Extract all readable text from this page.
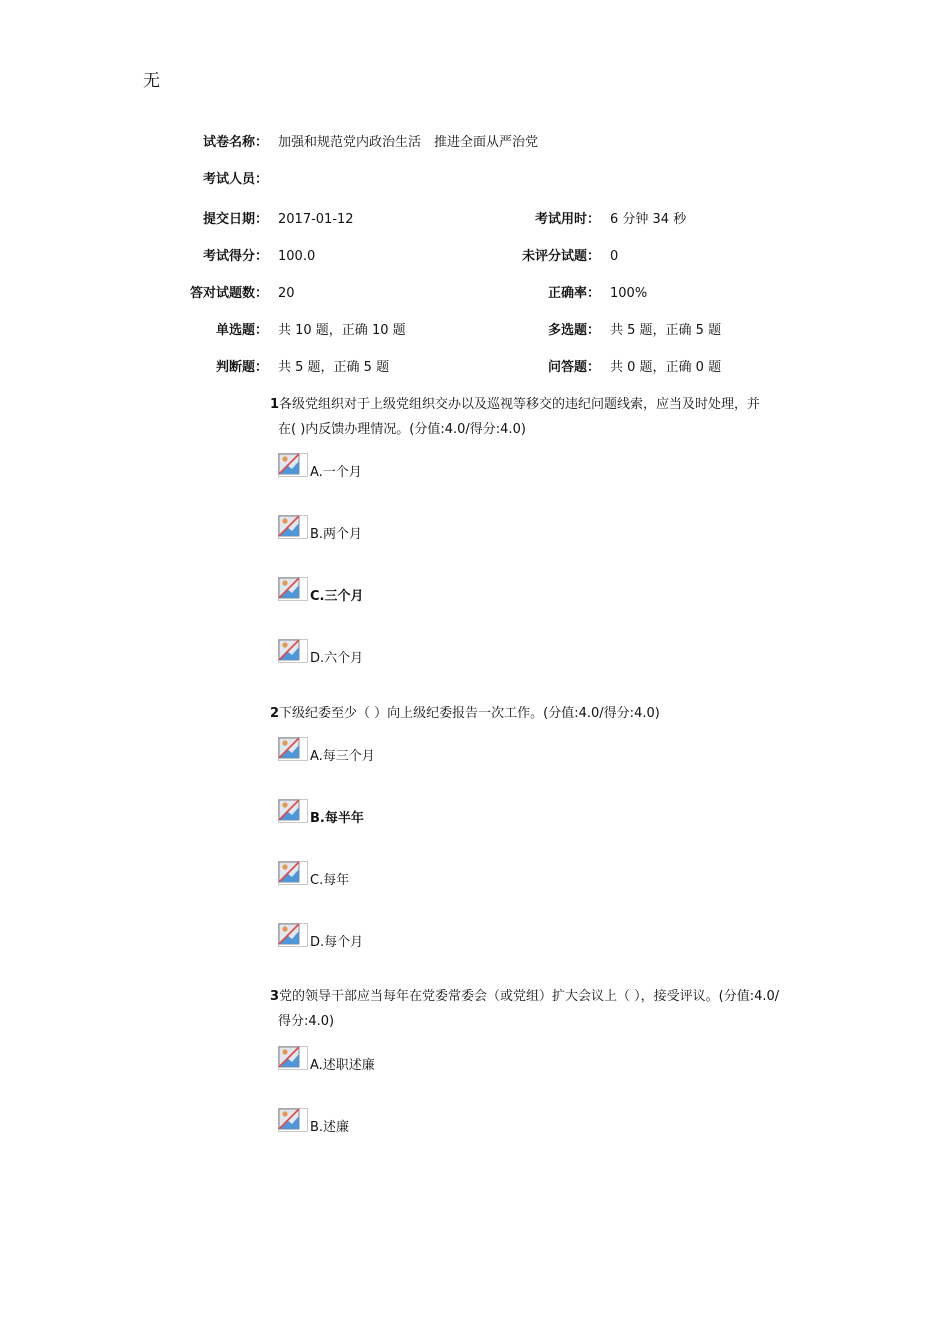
无
试卷名称： 加强和规范党内政治生活　推进全面从严治党
考试人员：
提交日期： 2017-01-12	考试用时： 6 分钟 34 秒
考试得分： 100.0	未评分试题： 0
答对试题数： 20	正确率： 100%
单选题： 共 10 题，正确 10 题	多选题： 共 5 题，正确 5 题
判断题： 共 5 题，正确 5 题	问答题： 共 0 题，正确 0 题
1各级党组织对于上级党组织交办以及巡视等移交的违纪问题线索，应当及时处理，并
在( )内反馈办理情况。(分值:4.0/得分:4.0)
A.一个月
B.两个月
C.三个月
D.六个月
2下级纪委至少（ ）向上级纪委报告一次工作。(分值:4.0/得分:4.0)
A.每三个月
B.每半年
C.每年
D.每个月
3党的领导干部应当每年在党委常委会（或党组）扩大会议上（ ），接受评议。(分值:4.0/
得分:4.0)
A.述职述廉
B.述廉
